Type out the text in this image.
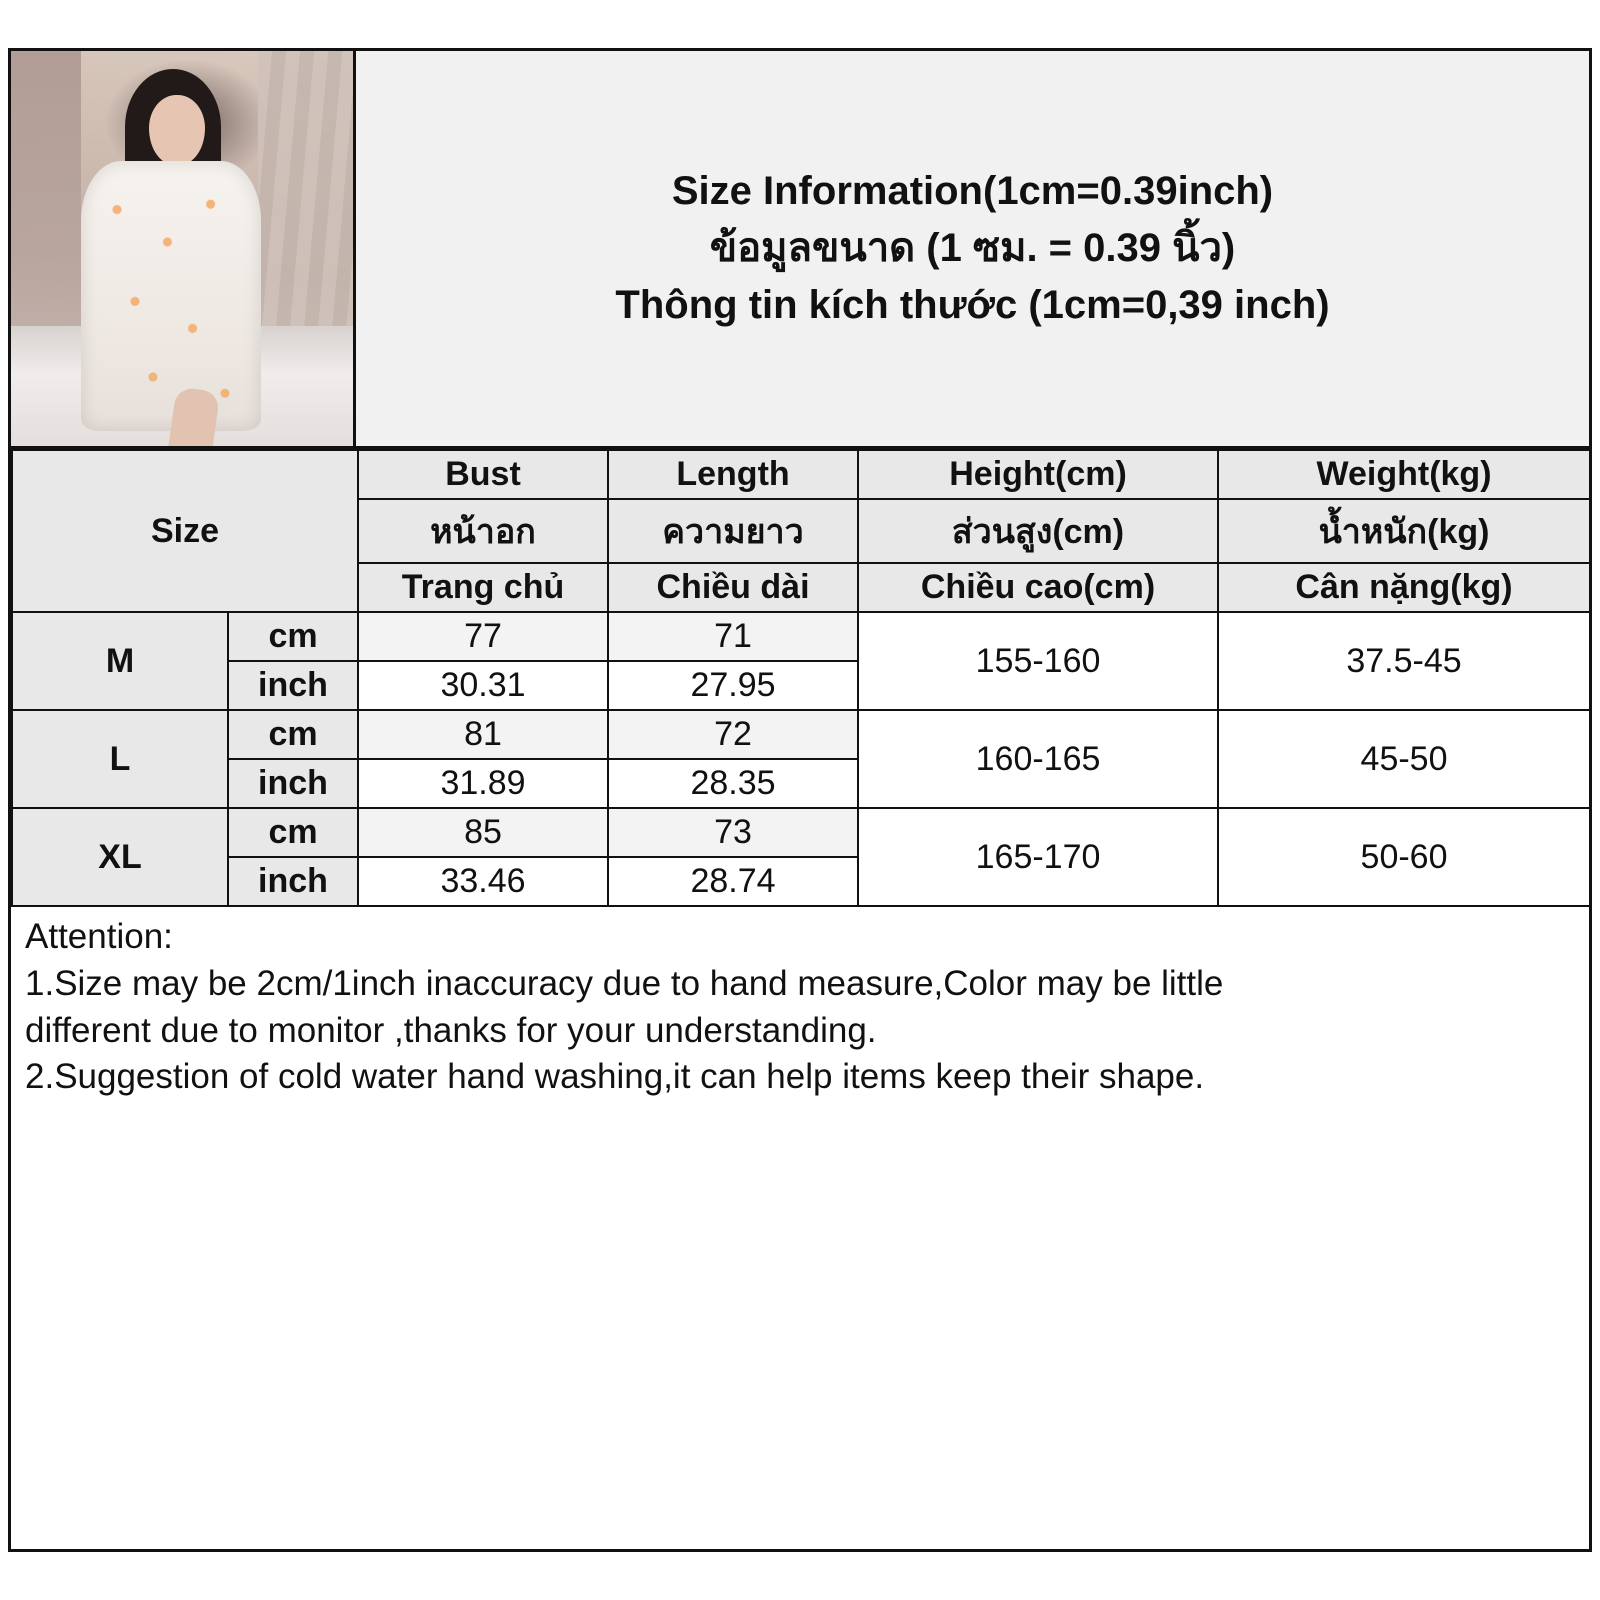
Size Information(1cm=0.39inch)
ข้อมูลขนาด (1 ซม. = 0.39 นิ้ว)
Thông tin kích thước (1cm=0,39 inch)
Size		Bust	Length	Height(cm)	Weight(kg)
		หน้าอก	ความยาว	ส่วนสูง(cm)	น้ำหนัก(kg)
		Trang chủ	Chiều dài	Chiều cao(cm)	Cân nặng(kg)
M	cm	77	71	155-160	37.5-45
	inch	30.31	27.95		
L	cm	81	72	160-165	45-50
	inch	31.89	28.35		
XL	cm	85	73	165-170	50-60
	inch	33.46	28.74		

Attention:

1.Size may be 2cm/1inch inaccuracy due to hand measure,Color may be little

different due to monitor ,thanks for your understanding.

2.Suggestion of cold water hand washing,it can help items keep their shape.
